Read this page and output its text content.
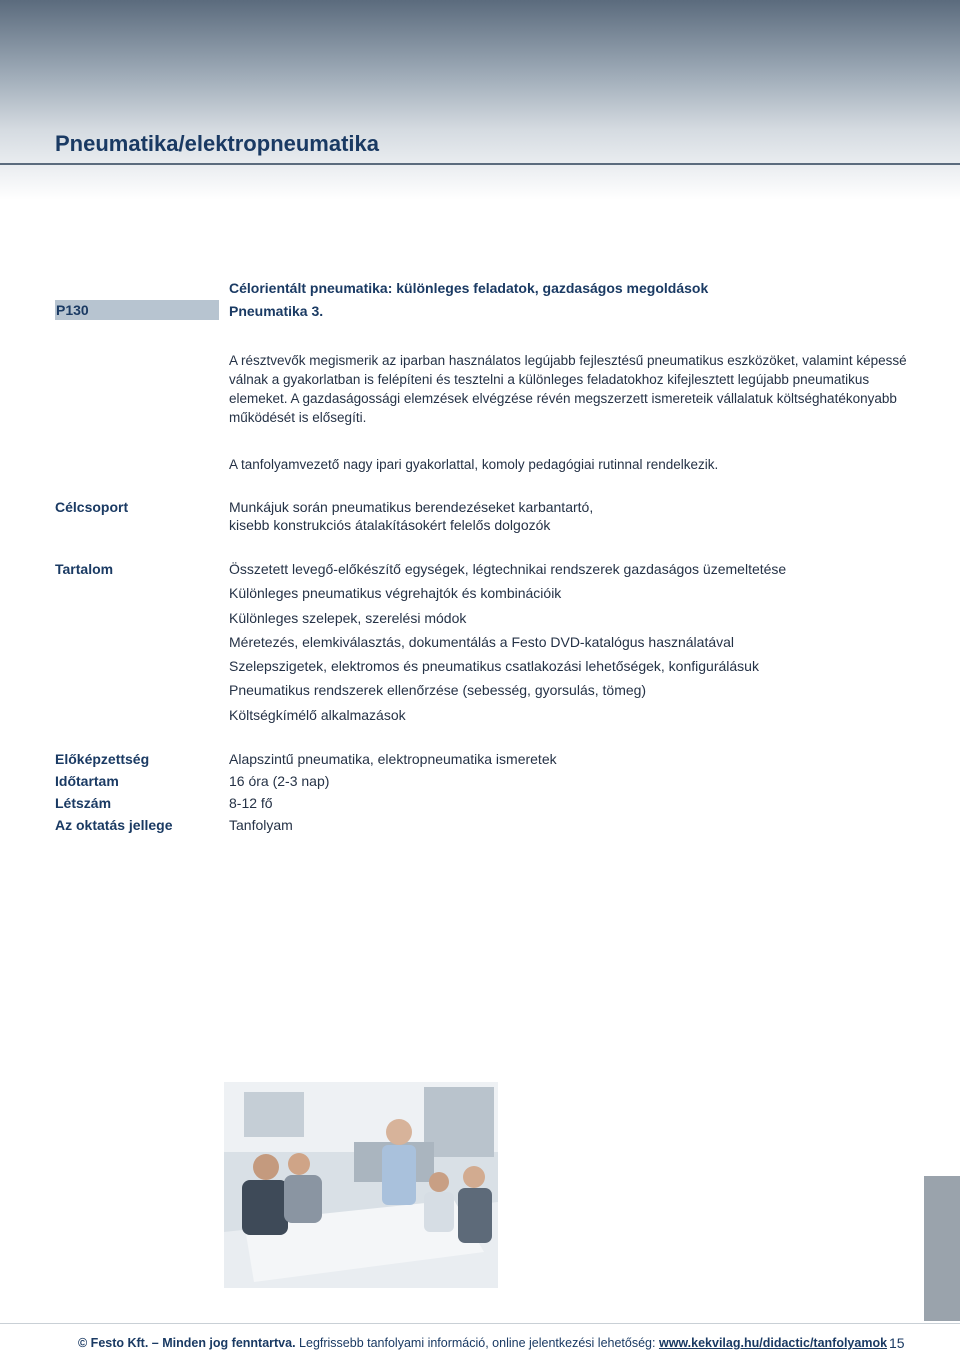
Pneumatika/elektropneumatika
Célorientált pneumatika: különleges feladatok, gazdaságos megoldások
P130	Pneumatika 3.
A résztvevők megismerik az iparban használatos legújabb fejlesztésű pneumatikus eszközöket, valamint képessé válnak a gyakorlatban is felépíteni és tesztelni a különleges feladatokhoz kifejlesztett legújabb pneumatikus elemeket. A gazdaságossági elemzések elvégzése révén megszerzett ismereteik vállalatuk költséghatékonyabb működését is elősegíti.
A tanfolyamvezető nagy ipari gyakorlattal, komoly pedagógiai rutinnal rendelkezik.
Célcsoport	Munkájuk során pneumatikus berendezéseket karbantartó,
kisebb konstrukciós átalakításokért felelős dolgozók
Tartalom	Összetett levegő-előkészítő egységek, légtechnikai rendszerek gazdaságos üzemeltetése
Különleges pneumatikus végrehajtók és kombinációik
Különleges szelepek, szerelési módok
Méretezés, elemkiválasztás, dokumentálás a Festo DVD-katalógus használatával
Szelepszigetek, elektromos és pneumatikus csatlakozási lehetőségek, konfigurálásuk
Pneumatikus rendszerek ellenőrzése (sebesség, gyorsulás, tömeg)
Költségkímélő alkalmazások
Előképzettség	Alapszintű pneumatika, elektropneumatika ismeretek
Időtartam	16 óra (2-3 nap)
Létszám	8-12 fő
Az oktatás jellege	Tanfolyam
© Festo Kft. – Minden jog fenntartva. Legfrissebb tanfolyami információ, online jelentkezési lehetőség: www.kekvilag.hu/didactic/tanfolyamok 15
